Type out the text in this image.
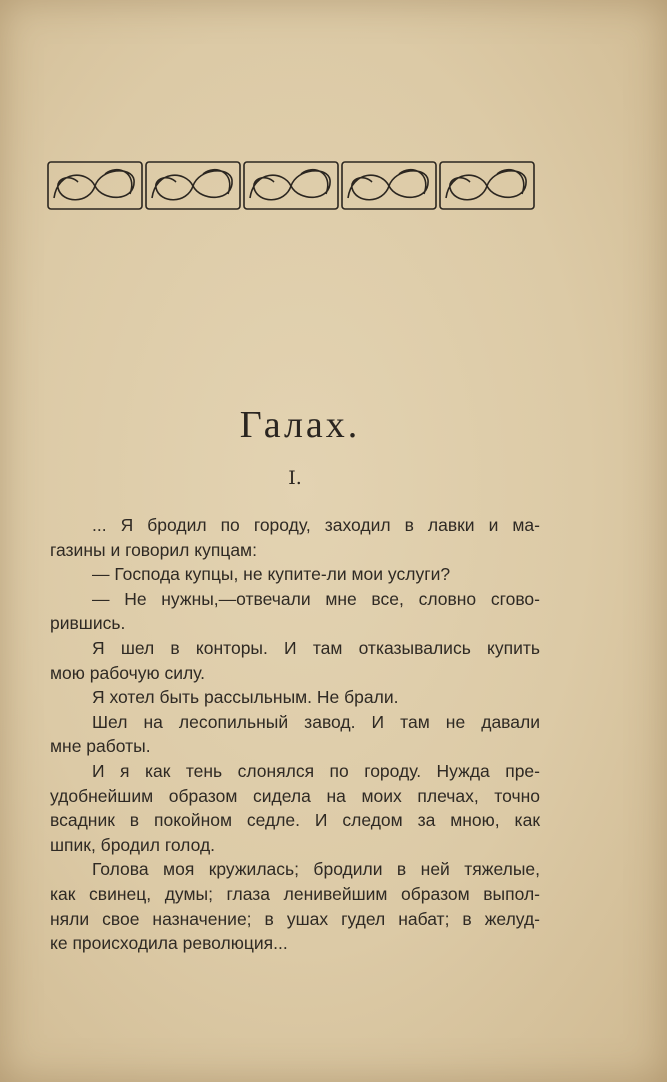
Галах.
I.
... Я бродил по городу, заходил в лавки и ма-
газины и говорил купцам:
— Господа купцы, не купите-ли мои услуги?
— Не нужны,—отвечали мне все, словно сгово-
рившись.
Я шел в конторы. И там отказывались купить
мою рабочую силу.
Я хотел быть рассыльным. Не брали.
Шел на лесопильный завод. И там не давали
мне работы.
И я как тень слонялся по городу. Нужда пре-
удобнейшим образом сидела на моих плечах, точно
всадник в покойном седле. И следом за мною, как
шпик, бродил голод.
Голова моя кружилась; бродили в ней тяжелые,
как свинец, думы; глаза ленивейшим образом выпол-
няли свое назначение; в ушах гудел набат; в желуд-
ке происходила революция...
